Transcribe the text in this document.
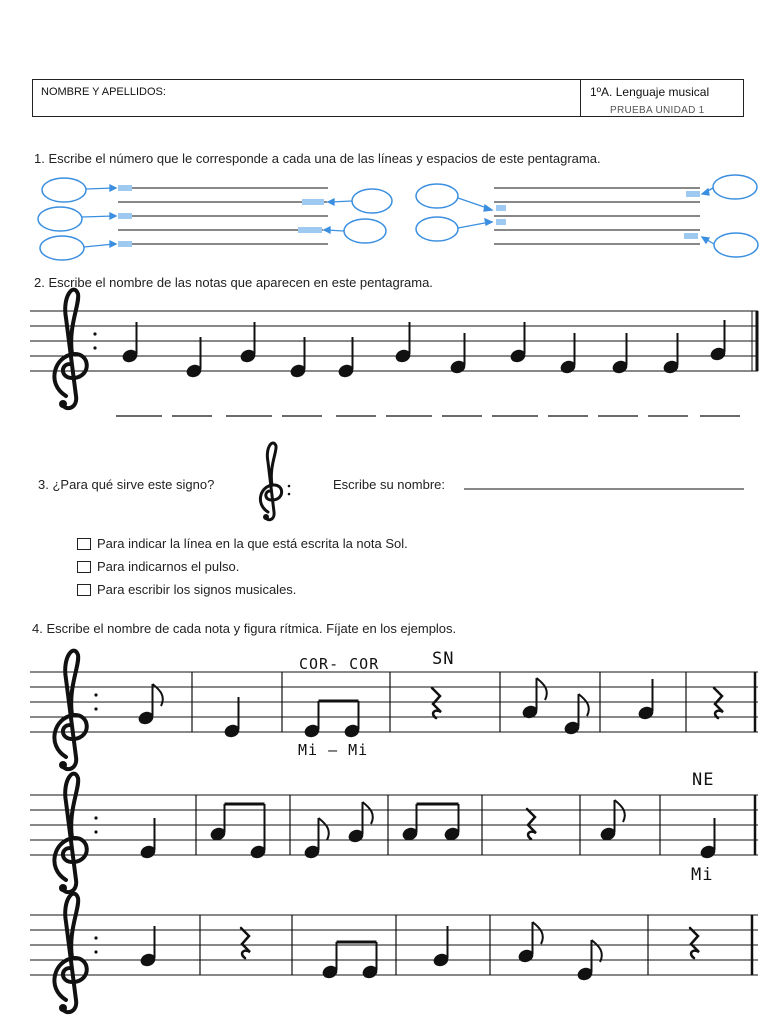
NOMBRE Y APELLIDOS:	1ºA. Lenguaje musical
PRUEBA UNIDAD 1
1. Escribe el número que le corresponde a cada una de las líneas y espacios de este pentagrama.
2. Escribe el nombre de las notas que aparecen en este pentagrama.
3. ¿Para qué sirve este signo?	Escribe su nombre:
4. Escribe el nombre de cada nota y figura rítmica. Fíjate en los ejemplos.
Para indicar la línea en la que está escrita la nota Sol.
Para indicarnos el pulso.
Para escribir los signos musicales.
COR- COR	SN
Mi – Mi
NE
Mi
